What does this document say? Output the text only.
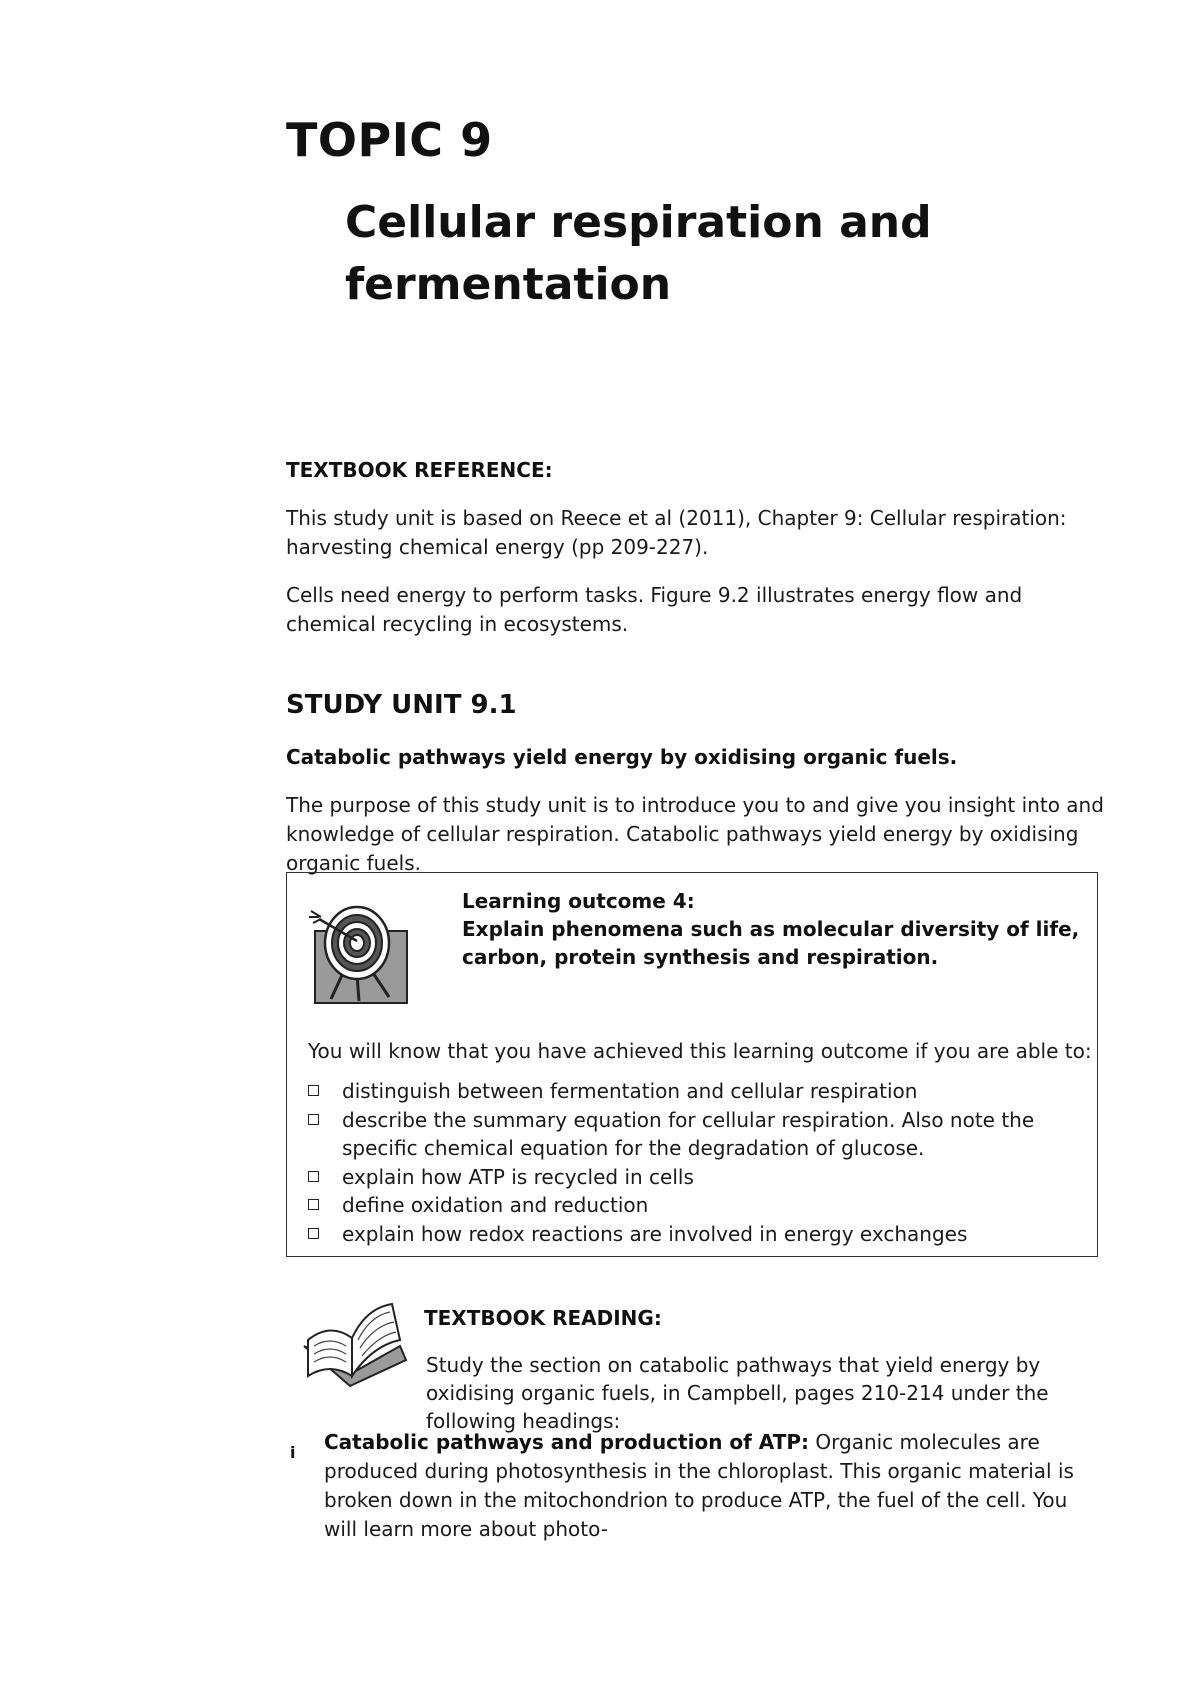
TOPIC 9
Cellular respiration and
fermentation
TEXTBOOK REFERENCE:
This study unit is based on Reece et al (2011), Chapter 9: Cellular respiration: harvesting chemical energy (pp 209-227).
Cells need energy to perform tasks. Figure 9.2 illustrates energy flow and chemical recycling in ecosystems.
STUDY UNIT 9.1
Catabolic pathways yield energy by oxidising organic fuels.
The purpose of this study unit is to introduce you to and give you insight into and knowledge of cellular respiration. Catabolic pathways yield energy by oxidising organic fuels.
Learning outcome 4:
Explain phenomena such as molecular diversity of life, carbon, protein synthesis and respiration.
You will know that you have achieved this learning outcome if you are able to:
distinguish between fermentation and cellular respiration
describe the summary equation for cellular respiration. Also note the specific chemical equation for the degradation of glucose.
explain how ATP is recycled in cells
define oxidation and reduction
explain how redox reactions are involved in energy exchanges
TEXTBOOK READING:
Study the section on catabolic pathways that yield energy by oxidising organic fuels, in Campbell, pages 210-214 under the following headings:
i Catabolic pathways and production of ATP: Organic molecules are produced during photosynthesis in the chloroplast. This organic material is broken down in the mitochondrion to produce ATP, the fuel of the cell. You will learn more about photo-
